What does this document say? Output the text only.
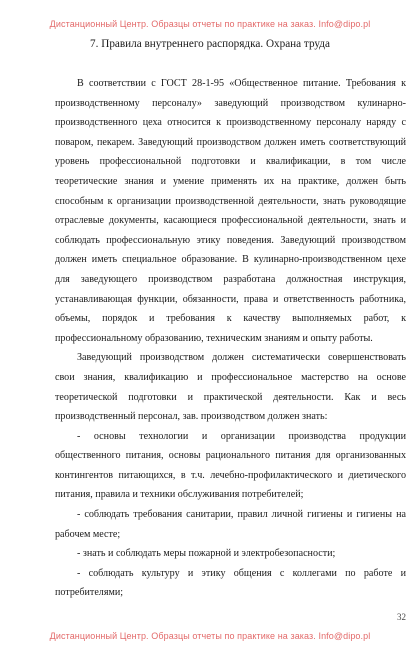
Дистанционный Центр. Образцы отчеты по практике на заказ. Info@dipo.pl
7. Правила внутреннего распорядка. Охрана труда

В соответствии с ГОСТ 28-1-95 «Общественное питание. Требования к производственному персоналу» заведующий производством кулинарно-производственного цеха относится к производственному персоналу наряду с поваром, пекарем. Заведующий производством должен иметь соответствующий уровень профессиональной подготовки и квалификации, в том числе теоретические знания и умение применять их на практике, должен быть способным к организации производственной деятельности, знать руководящие отраслевые документы, касающиеся профессиональной деятельности, знать и соблюдать профессиональную этику поведения. Заведующий производством должен иметь специальное образование. В кулинарно-производственном цехе для заведующего производством разработана должностная инструкция, устанавливающая функции, обязанности, права и ответственность работника, объемы, порядок и требования к качеству выполняемых работ, к профессиональному образованию, техническим знаниям и опыту работы.

Заведующий производством должен систематически совершенствовать свои знания, квалификацию и профессиональное мастерство на основе теоретической подготовки и практической деятельности. Как и весь производственный персонал, зав. производством должен знать:

- основы технологии и организации производства продукции общественного питания, основы рационального питания для организованных контингентов питающихся, в т.ч. лечебно-профилактического и диетического питания, правила и техники обслуживания потребителей;

- соблюдать требования санитарии, правил личной гигиены и гигиены на рабочем месте;

- знать и соблюдать меры пожарной и электробезопасности;

- соблюдать культуру и этику общения с коллегами по работе и потребителями;

32
Дистанционный Центр. Образцы отчеты по практике на заказ. Info@dipo.pl
